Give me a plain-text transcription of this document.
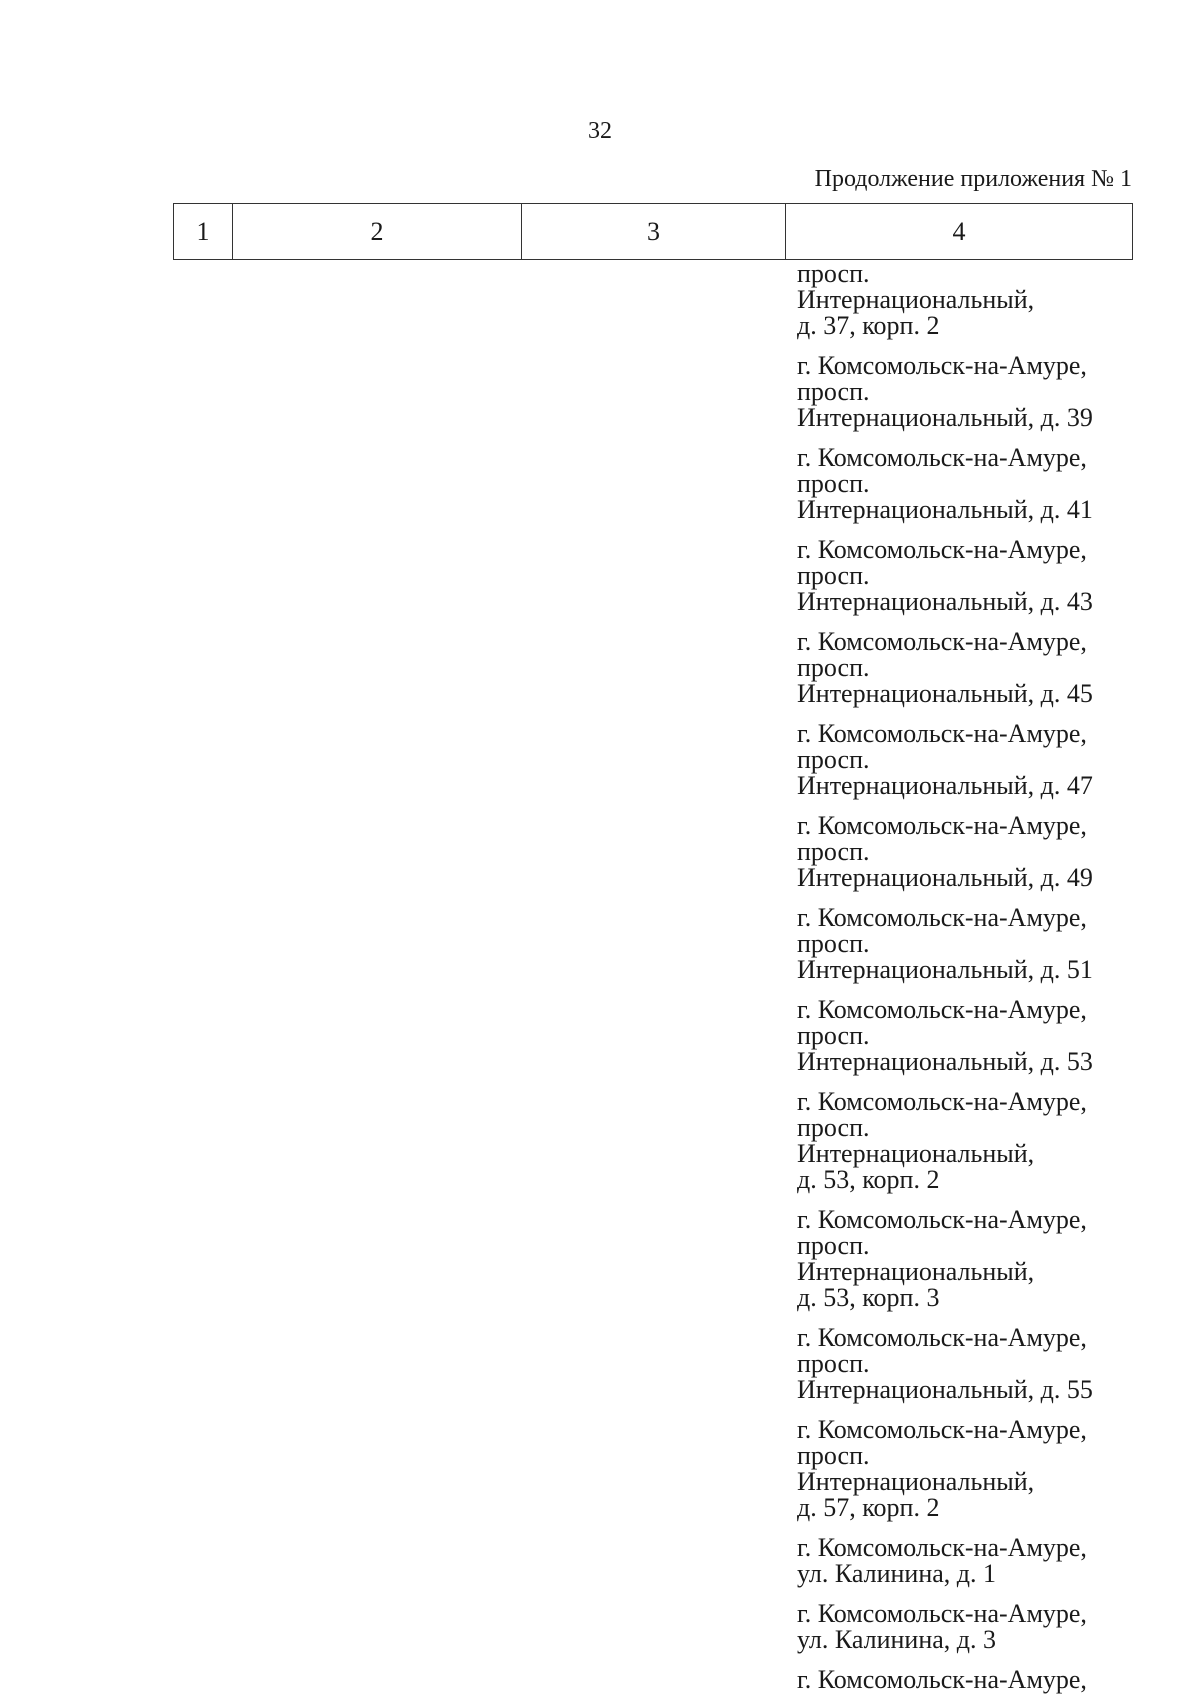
32
Продолжение приложения № 1
1	2	3	4
просп.
Интернациональный,
д. 37, корп. 2
г. Комсомольск-на-Амуре,
просп.
Интернациональный, д. 39
г. Комсомольск-на-Амуре,
просп.
Интернациональный, д. 41
г. Комсомольск-на-Амуре,
просп.
Интернациональный, д. 43
г. Комсомольск-на-Амуре,
просп.
Интернациональный, д. 45
г. Комсомольск-на-Амуре,
просп.
Интернациональный, д. 47
г. Комсомольск-на-Амуре,
просп.
Интернациональный, д. 49
г. Комсомольск-на-Амуре,
просп.
Интернациональный, д. 51
г. Комсомольск-на-Амуре,
просп.
Интернациональный, д. 53
г. Комсомольск-на-Амуре,
просп.
Интернациональный,
д. 53, корп. 2
г. Комсомольск-на-Амуре,
просп.
Интернациональный,
д. 53, корп. 3
г. Комсомольск-на-Амуре,
просп.
Интернациональный, д. 55
г. Комсомольск-на-Амуре,
просп.
Интернациональный,
д. 57, корп. 2
г. Комсомольск-на-Амуре,
ул. Калинина, д. 1
г. Комсомольск-на-Амуре,
ул. Калинина, д. 3
г. Комсомольск-на-Амуре,
